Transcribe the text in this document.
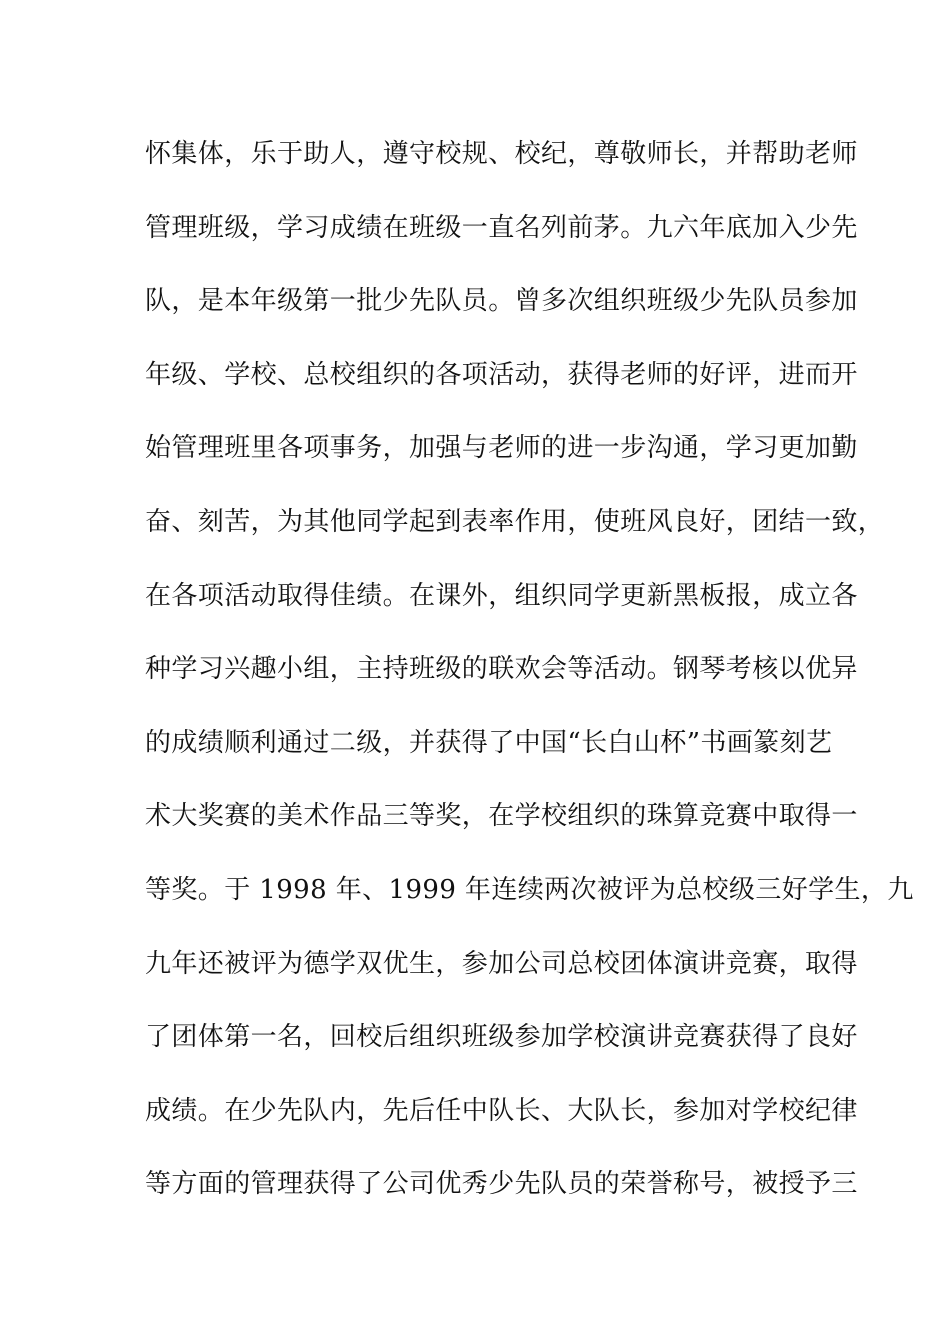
怀集体，乐于助人，遵守校规、校纪，尊敬师长，并帮助老师
管理班级，学习成绩在班级一直名列前茅。九六年底加入少先
队，是本年级第一批少先队员。曾多次组织班级少先队员参加
年级、学校、总校组织的各项活动，获得老师的好评，进而开
始管理班里各项事务，加强与老师的进一步沟通，学习更加勤
奋、刻苦，为其他同学起到表率作用，使班风良好，团结一致，
在各项活动取得佳绩。在课外，组织同学更新黑板报，成立各
种学习兴趣小组，主持班级的联欢会等活动。钢琴考核以优异
的成绩顺利通过二级，并获得了中国“长白山杯”书画篆刻艺
术大奖赛的美术作品三等奖，在学校组织的珠算竞赛中取得一
等奖。于 1998 年、1999 年连续两次被评为总校级三好学生，九
九年还被评为德学双优生，参加公司总校团体演讲竞赛，取得
了团体第一名，回校后组织班级参加学校演讲竞赛获得了良好
成绩。在少先队内，先后任中队长、大队长，参加对学校纪律
等方面的管理获得了公司优秀少先队员的荣誉称号，被授予三
